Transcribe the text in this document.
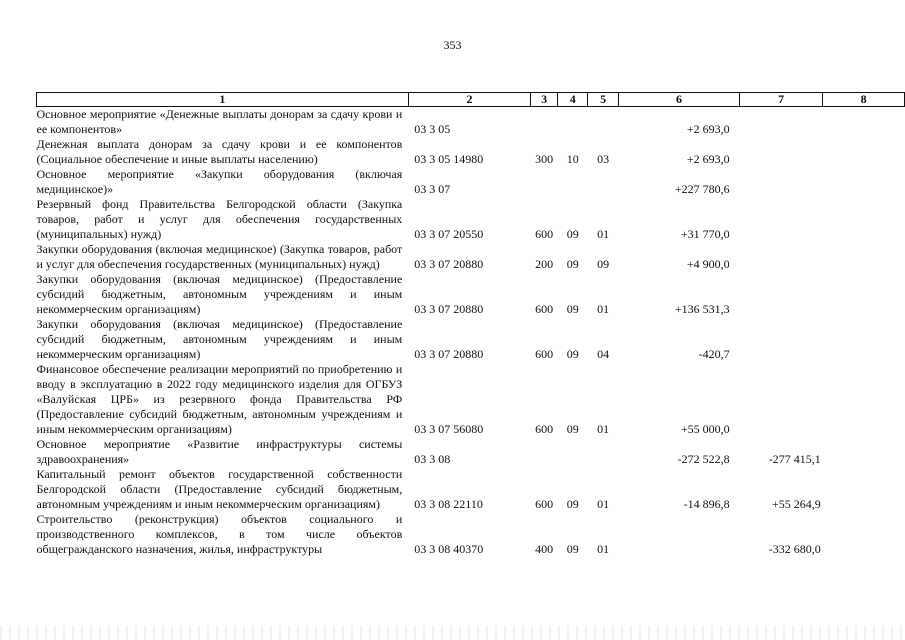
353
1	2	3	4	5	6	7	8
Основное мероприятие «Денежные выплаты донорам за сдачу крови и ее компонентов»	03 3 05				+2 693,0		
Денежная выплата донорам за сдачу крови и ее компонентов (Социальное обеспечение и иные выплаты населению)	03 3 05 14980	300	10	03	+2 693,0		
Основное мероприятие «Закупки оборудования (включая медицинское)»	03 3 07				+227 780,6		
Резервный фонд Правительства Белгородской области (Закупка товаров, работ и услуг для обеспечения государственных (муниципальных) нужд)	03 3 07 20550	600	09	01	+31 770,0		
Закупки оборудования (включая медицинское) (Закупка товаров, работ и услуг для обеспечения государственных (муниципальных) нужд)	03 3 07 20880	200	09	09	+4 900,0		
Закупки оборудования (включая медицинское) (Предоставление субсидий бюджетным, автономным учреждениям и иным некоммерческим организациям)	03 3 07 20880	600	09	01	+136 531,3		
Закупки оборудования (включая медицинское) (Предоставление субсидий бюджетным, автономным учреждениям и иным некоммерческим организациям)	03 3 07 20880	600	09	04	-420,7		
Финансовое обеспечение реализации мероприятий по приобретению и вводу в эксплуатацию в 2022 году медицинского изделия для ОГБУЗ «Валуйская ЦРБ» из резервного фонда Правительства РФ (Предоставление субсидий бюджетным, автономным учреждениям и иным некоммерческим организациям)	03 3 07 56080	600	09	01	+55 000,0		
Основное мероприятие «Развитие инфраструктуры системы здравоохранения»	03 3 08				-272 522,8	-277 415,1	
Капитальный ремонт объектов государственной собственности Белгородской области (Предоставление субсидий бюджетным, автономным учреждениям и иным некоммерческим организациям)	03 3 08 22110	600	09	01	-14 896,8	+55 264,9	
Строительство (реконструкция) объектов социального и производственного комплексов, в том числе объектов общегражданского назначения, жилья, инфраструктуры	03 3 08 40370	400	09	01		-332 680,0	
